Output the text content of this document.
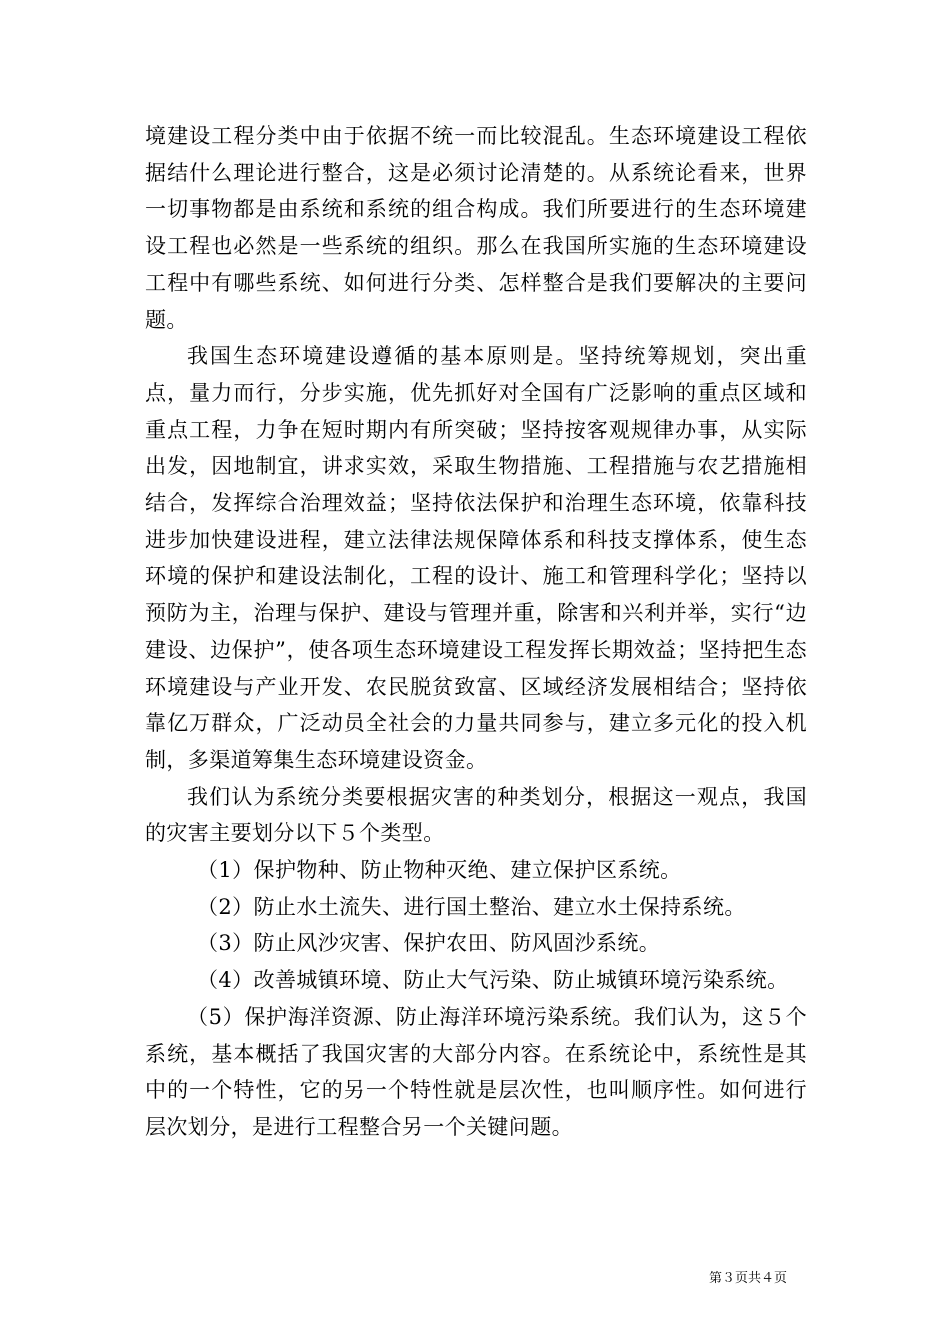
境建设工程分类中由于依据不统一而比较混乱。生态环境建设工程依据结什么理论进行整合，这是必须讨论清楚的。从系统论看来，世界一切事物都是由系统和系统的组合构成。我们所要进行的生态环境建设工程也必然是一些系统的组织。那么在我国所实施的生态环境建设工程中有哪些系统、如何进行分类、怎样整合是我们要解决的主要问题。

我国生态环境建设遵循的基本原则是。坚持统筹规划，突出重点，量力而行，分步实施，优先抓好对全国有广泛影响的重点区域和重点工程，力争在短时期内有所突破；坚持按客观规律办事，从实际出发，因地制宜，讲求实效，采取生物措施、工程措施与农艺措施相结合，发挥综合治理效益；坚持依法保护和治理生态环境，依靠科技进步加快建设进程，建立法律法规保障体系和科技支撑体系，使生态环境的保护和建设法制化，工程的设计、施工和管理科学化；坚持以预防为主，治理与保护、建设与管理并重，除害和兴利并举，实行“边建设、边保护”，使各项生态环境建设工程发挥长期效益；坚持把生态环境建设与产业开发、农民脱贫致富、区域经济发展相结合；坚持依靠亿万群众，广泛动员全社会的力量共同参与，建立多元化的投入机制，多渠道筹集生态环境建设资金。

我们认为系统分类要根据灾害的种类划分，根据这一观点，我国的灾害主要划分以下５个类型。

（1）保护物种、防止物种灭绝、建立保护区系统。

（2）防止水土流失、进行国土整治、建立水土保持系统。

（3）防止风沙灾害、保护农田、防风固沙系统。

（4）改善城镇环境、防止大气污染、防止城镇环境污染系统。

（5）保护海洋资源、防止海洋环境污染系统。我们认为，这５个系统，基本概括了我国灾害的大部分内容。在系统论中，系统性是其中的一个特性，它的另一个特性就是层次性，也叫顺序性。如何进行层次划分，是进行工程整合另一个关键问题。

第３页共４页
